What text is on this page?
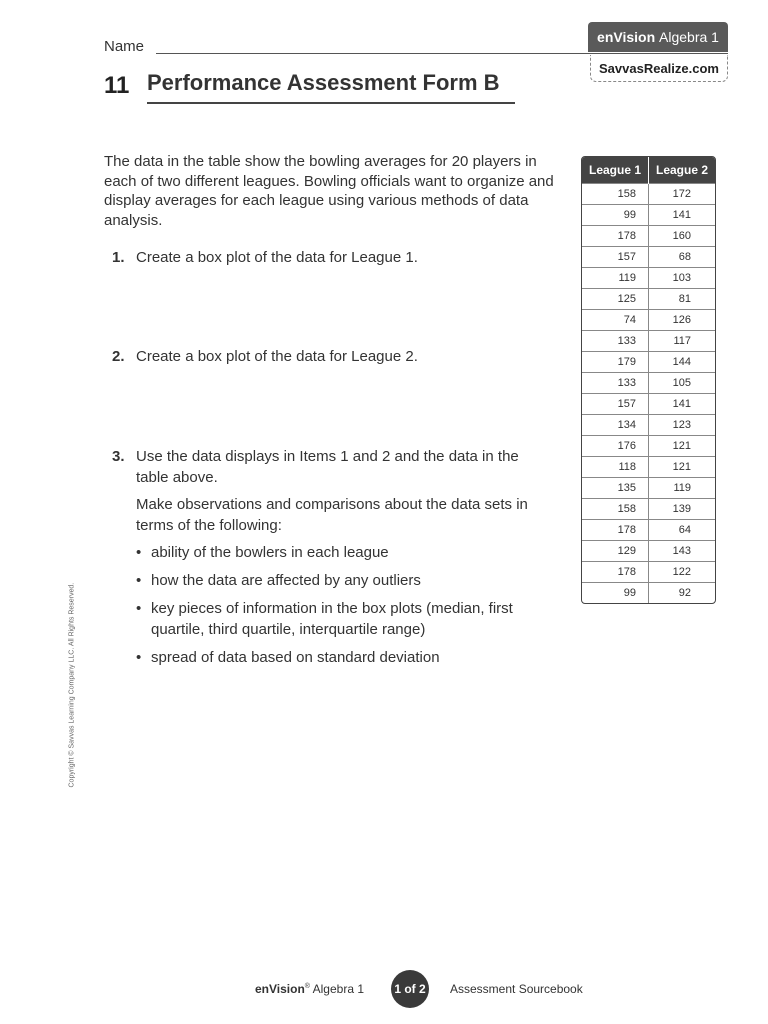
Name
enVision
Algebra 1
SavvasRealize.com
11 Performance Assessment Form B
The data in the table show the bowling averages for 20 players in each of two different leagues. Bowling officials want to organize and display averages for each league using various methods of data analysis.
1. Create a box plot of the data for League 1.
2. Create a box plot of the data for League 2.
3. Use the data displays in Items 1 and 2 and the data in the table above.

Make observations and comparisons about the data sets in terms of the following:

• ability of the bowlers in each league
• how the data are affected by any outliers
• key pieces of information in the box plots (median, first quartile, third quartile, interquartile range)
• spread of data based on standard deviation
Copyright © Savvas Learning Company LLC. All Rights Reserved.
League 1	League 2
158	172
99	141
178	160
157	68
119	103
125	81
74	126
133	117
179	144
133	105
157	141
134	123
176	121
118	121
135	119
158	139
178	64
129	143
178	122
99	92
enVision® Algebra 1	1 of 2 Assessment Sourcebook
